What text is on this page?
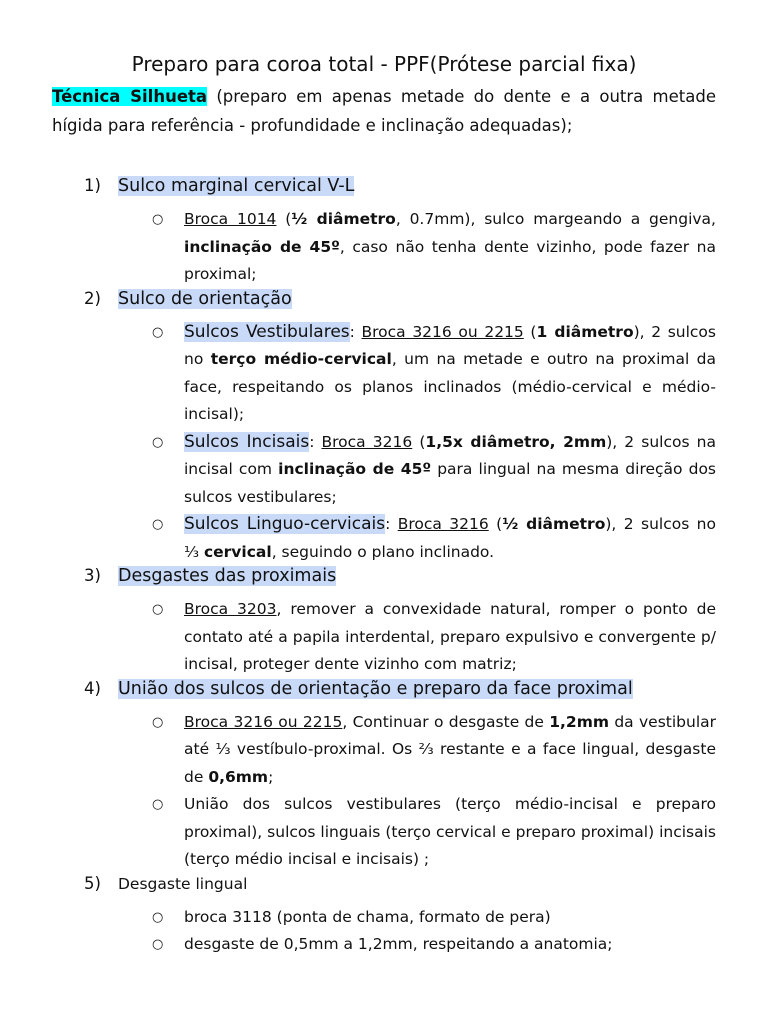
Preparo para coroa total - PPF(Prótese parcial fixa)

Técnica Silhueta (preparo em apenas metade do dente e a outra metade hígida para referência - profundidade e inclinação adequadas);

1) Sulco marginal cervical V-L
○	Broca 1014 (½ diâmetro, 0.7mm), sulco margeando a gengiva, inclinação de 45º, caso não tenha dente vizinho, pode fazer na proximal;
2) Sulco de orientação
○	Sulcos Vestibulares: Broca 3216 ou 2215 (1 diâmetro), 2 sulcos no terço médio-cervical, um na metade e outro na proximal da face, respeitando os planos inclinados (médio-cervical e médio-incisal);
○	Sulcos Incisais: Broca 3216 (1,5x diâmetro, 2mm), 2 sulcos na incisal com inclinação de 45º para lingual na mesma direção dos sulcos vestibulares;
○	Sulcos Linguo-cervicais: Broca 3216 (½ diâmetro), 2 sulcos no ⅓ cervical, seguindo o plano inclinado.
3) Desgastes das proximais
○	Broca 3203, remover a convexidade natural, romper o ponto de contato até a papila interdental, preparo expulsivo e convergente p/ incisal, proteger dente vizinho com matriz;
4) União dos sulcos de orientação e preparo da face proximal
○	Broca 3216 ou 2215, Continuar o desgaste de 1,2mm da vestibular até ⅓ vestíbulo-proximal. Os ⅔ restante e a face lingual, desgaste de 0,6mm;
○	União dos sulcos vestibulares (terço médio-incisal e preparo proximal), sulcos linguais (terço cervical e preparo proximal) incisais (terço médio incisal e incisais) ;
5)	Desgaste lingual
○	broca 3118 (ponta de chama, formato de pera)
○	desgaste de 0,5mm a 1,2mm, respeitando a anatomia;
